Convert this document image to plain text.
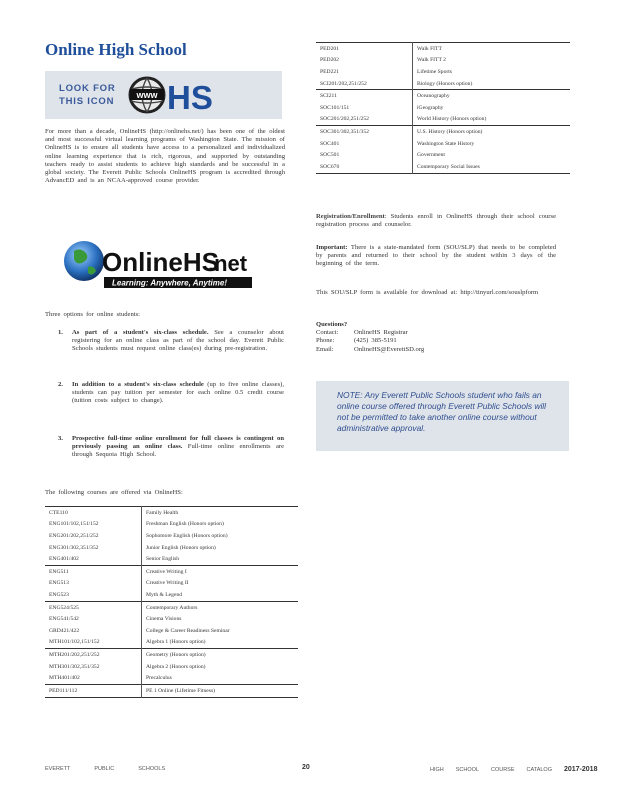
Online High School
LOOK FOR
THIS ICON
www HS
For more than a decade, OnlineHS (http://onlinehs.net/) has been one of the oldest and most successful virtual learning programs of Washington State. The mission of OnlineHS is to ensure all students have access to a personalized and individualized online learning experience that is rich, rigorous, and supported by outstanding teachers ready to assist students to achieve high standards and be successful in a global society. The Everett Public Schools OnlineHS program is accredited through AdvancED and is an NCAA-approved course provider.
OnlineHS
.net
Learning: Anywhere, Anytime!
Three options for online students:
1. As part of a student's six-class schedule. See a counselor about registering for an online class as part of the school day. Everett Public Schools students must request online class(es) during pre-registration.
2. In addition to a student's six-class schedule (up to five online classes), students can pay tuition per semester for each online 0.5 credit course (tuition costs subject to change).
3. Prospective full-time online enrollment for full classes is contingent on previously passing an online class. Full-time online enrollments are through Sequoia High School.
The following courses are offered via OnlineHS:
CTE110	Family Health
ENG101/102,151/152	Freshman English (Honors option)
ENG201/202,251/252	Sophomore English (Honors option)
ENG301/302,351/352	Junior English (Honors option)
ENG401/402	Senior English
ENG511	Creative Writing I
ENG513	Creative Writing II
ENG523	Myth & Legend
ENG524/525	Contemporary Authors
ENG541/542	Cinema Visions
GRD421/422	College & Career Readiness Seminar
MTH101/102,151/152	Algebra 1 (Honors option)
MTH201/202,251/252	Geometry (Honors option)
MTH301/302,351/352	Algebra 2 (Honors option)
MTH401/402	Precalculus
PED111/112	PE 1 Online (Lifetime Fitness)
PED201	Walk FITT
PED202	Walk FITT 2
PED221	Lifetime Sports
SCI201/202,251/252	Biology (Honors option)
SCI211	Oceanography
SOC101/151	iGeography
SOC201/202,251/252	World History (Honors option)
SOC301/302,351/352	U.S. History (Honors option)
SOC401	Washington State History
SOC501	Government
SOC670	Contemporary Social Issues
Registration/Enrollment: Students enroll in OnlineHS through their school course registration process and counselor.
Important: There is a state-mandated form (SOU/SLP) that needs to be completed by parents and returned to their school by the student within 3 days of the beginning of the term.
This SOU/SLP form is available for download at: http://tinyurl.com/souslpform
Questions?
Contact: OnlineHS Registrar
Phone:	(425) 385-5191
Email:	OnlineHS@EverettSD.org
NOTE: Any Everett Public Schools student who fails an online course offered through Everett Public Schools will not be permitted to take another online course without administrative approval.
EVERETT	PUBLIC	SCHOOLS	20	HIGH SCHOOL COURSE CATALOG 2017-2018
